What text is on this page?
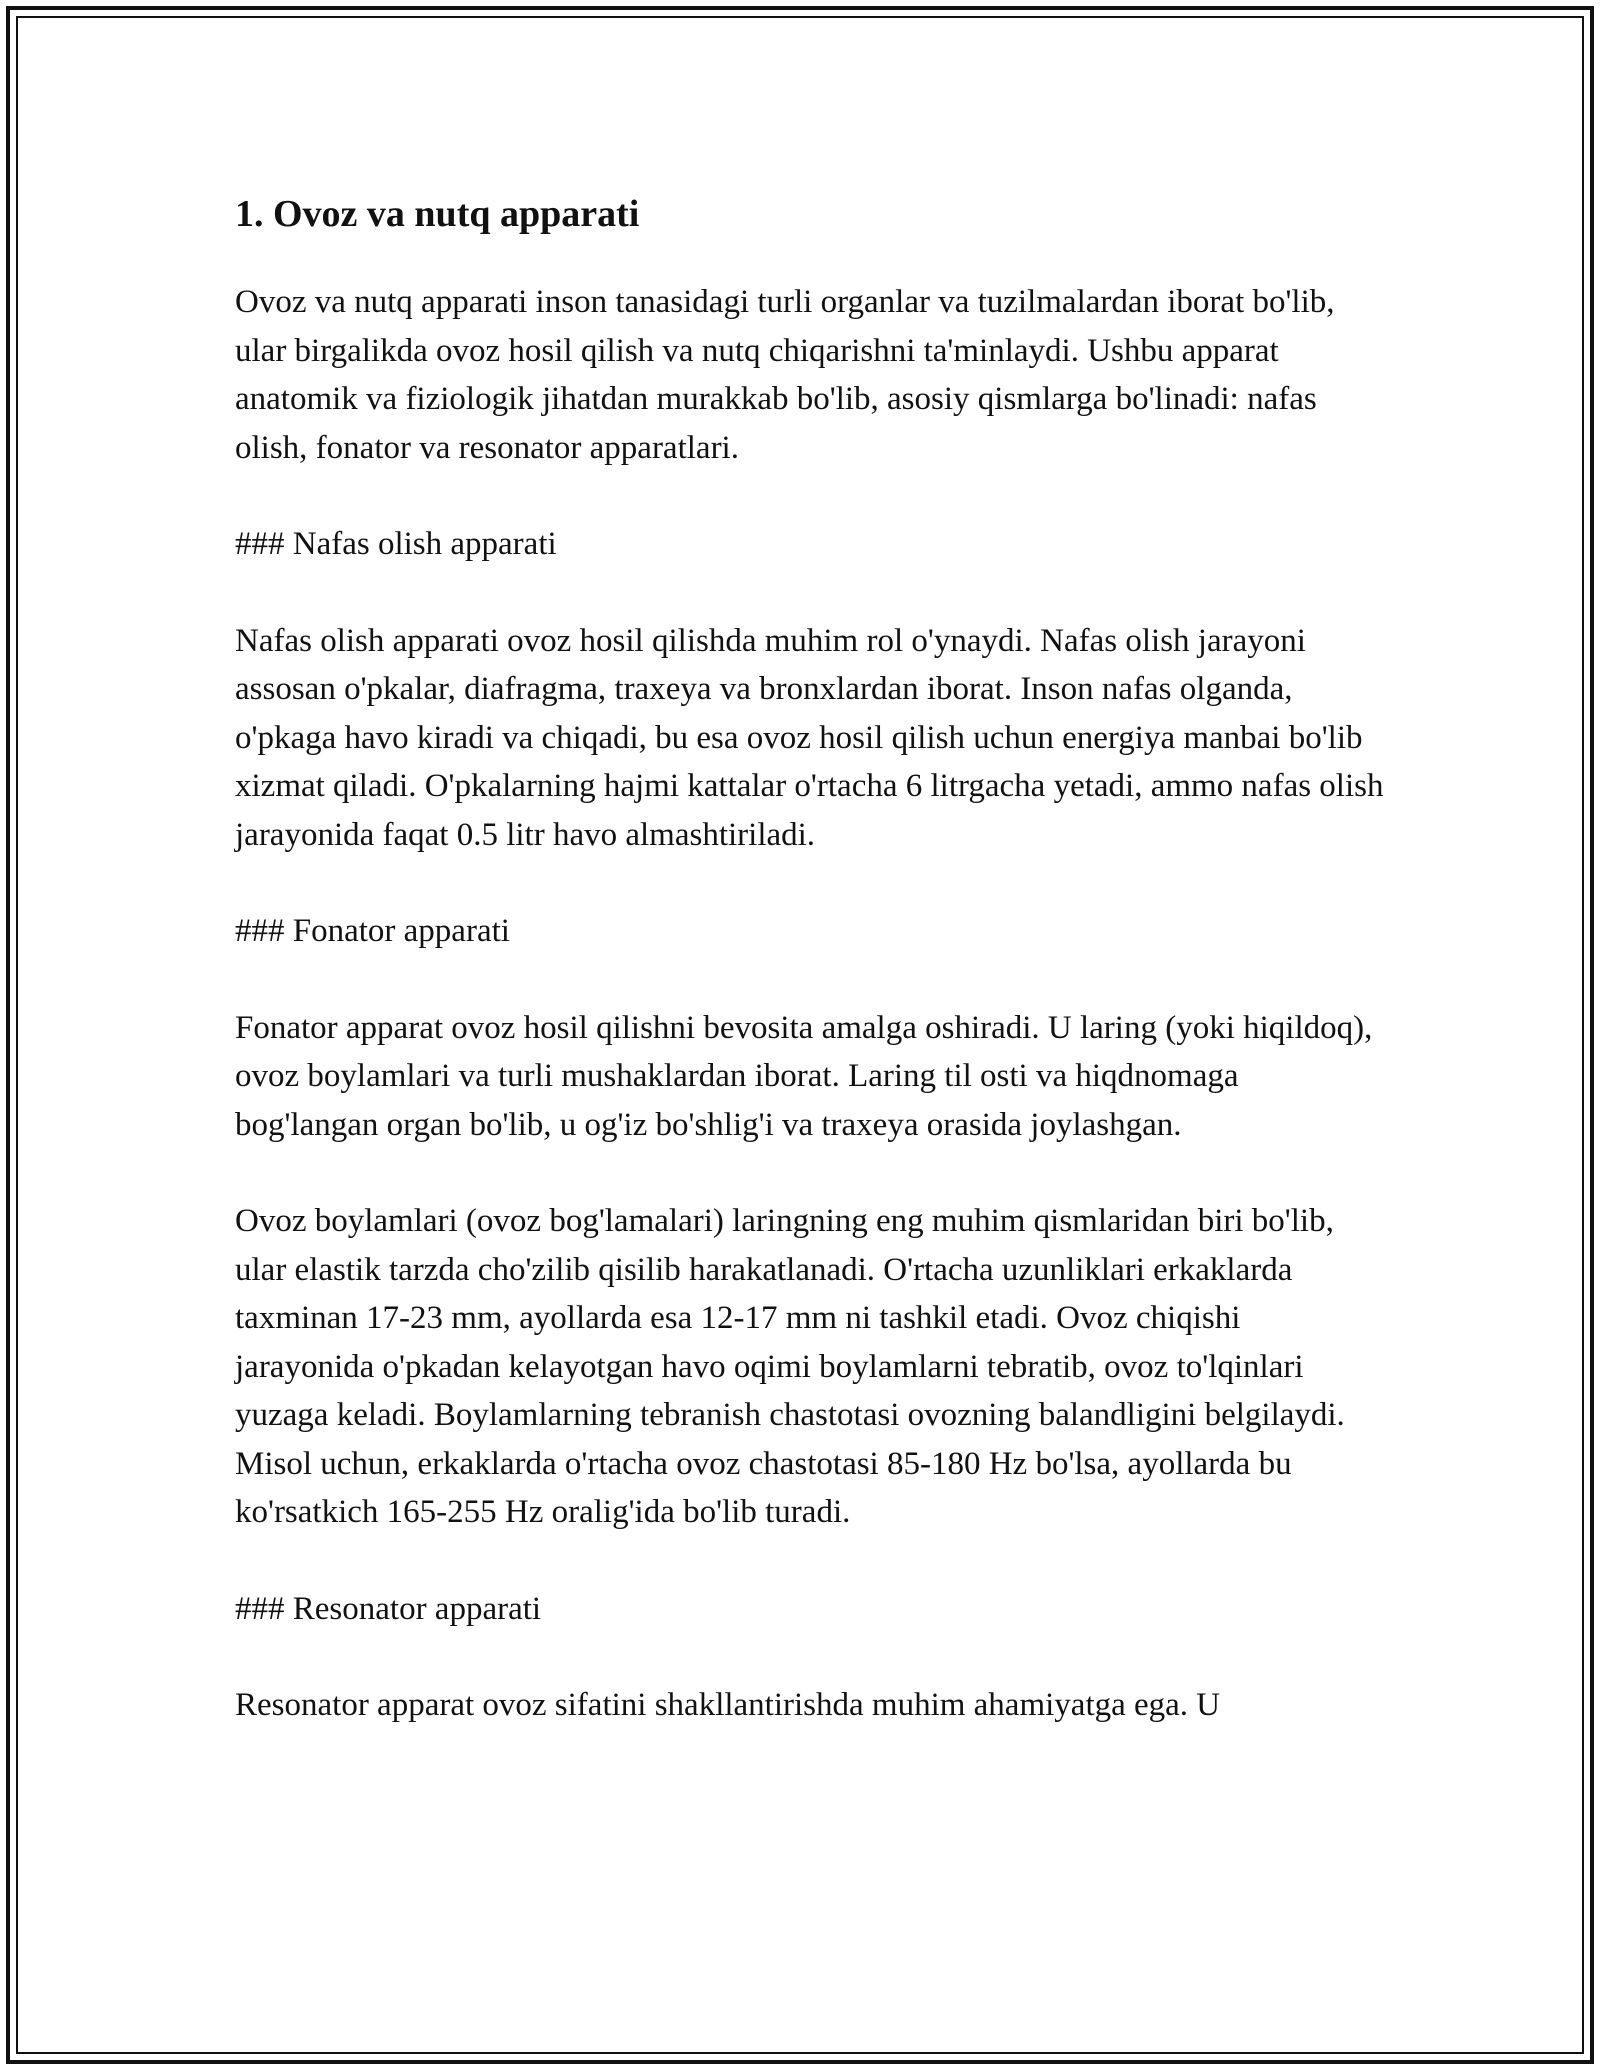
1. Ovoz va nutq apparati

Ovoz va nutq apparati inson tanasidagi turli organlar va tuzilmalardan iborat bo'lib, ular birgalikda ovoz hosil qilish va nutq chiqarishni ta'minlaydi. Ushbu apparat anatomik va fiziologik jihatdan murakkab bo'lib, asosiy qismlarga bo'linadi: nafas olish, fonator va resonator apparatlari.

### Nafas olish apparati

Nafas olish apparati ovoz hosil qilishda muhim rol o'ynaydi. Nafas olish jarayoni assosan o'pkalar, diafragma, traxeya va bronxlardan iborat. Inson nafas olganda, o'pkaga havo kiradi va chiqadi, bu esa ovoz hosil qilish uchun energiya manbai bo'lib xizmat qiladi. O'pkalarning hajmi kattalar o'rtacha 6 litrgacha yetadi, ammo nafas olish jarayonida faqat 0.5 litr havo almashtiriladi.

### Fonator apparati

Fonator apparat ovoz hosil qilishni bevosita amalga oshiradi. U laring (yoki hiqildoq), ovoz boylamlari va turli mushaklardan iborat. Laring til osti va hiqdnomaga bog'langan organ bo'lib, u og'iz bo'shlig'i va traxeya orasida joylashgan.

Ovoz boylamlari (ovoz bog'lamalari) laringning eng muhim qismlaridan biri bo'lib, ular elastik tarzda cho'zilib qisilib harakatlanadi. O'rtacha uzunliklari erkaklarda taxminan 17-23 mm, ayollarda esa 12-17 mm ni tashkil etadi. Ovoz chiqishi jarayonida o'pkadan kelayotgan havo oqimi boylamlarni tebratib, ovoz to'lqinlari yuzaga keladi. Boylamlarning tebranish chastotasi ovozning balandligini belgilaydi. Misol uchun, erkaklarda o'rtacha ovoz chastotasi 85-180 Hz bo'lsa, ayollarda bu ko'rsatkich 165-255 Hz oralig'ida bo'lib turadi.

### Resonator apparati

Resonator apparat ovoz sifatini shakllantirishda muhim ahamiyatga ega. U
